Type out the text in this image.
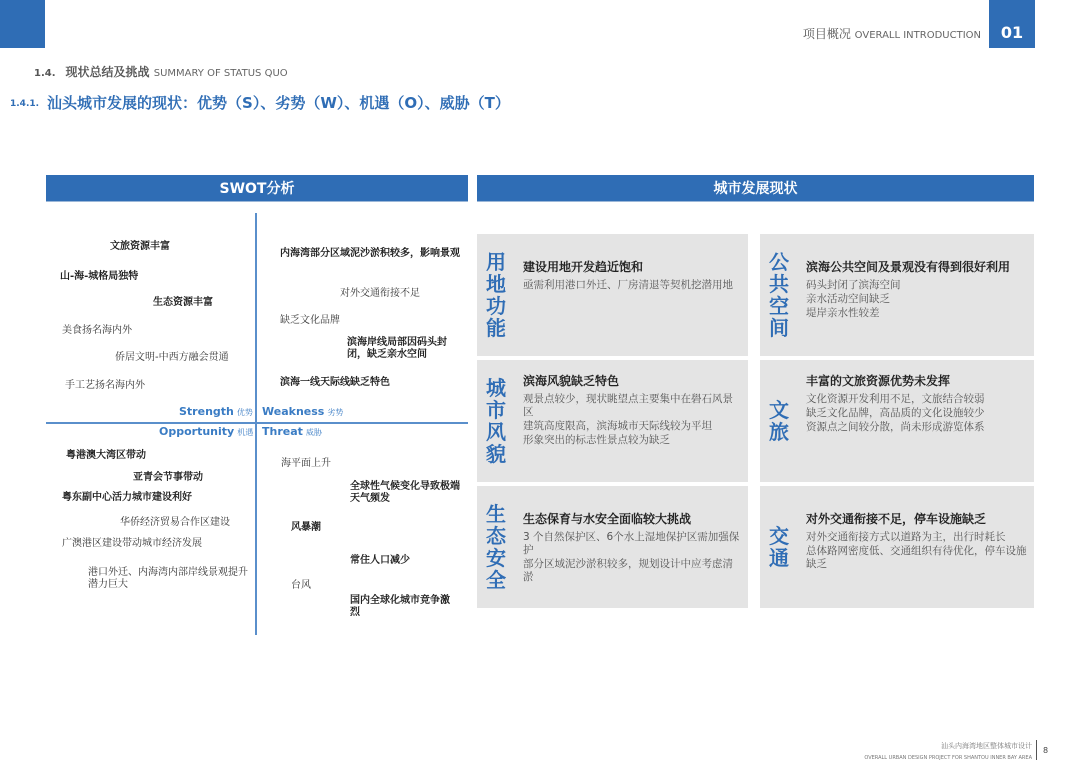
项目概况 OVERALL INTRODUCTION	01
1.4. 现状总结及挑战 SUMMARY OF STATUS QUO
1.4.1. 汕头城市发展的现状：优势（S）、劣势（W）、机遇（O）、威胁（T）
SWOT分析	城市发展现状
文旅资源丰富
山-海-城格局独特
生态资源丰富
美食扬名海内外
侨居文明-中西方融会贯通
手工艺扬名海内外
内海湾部分区域泥沙淤积较多，影响景观
对外交通衔接不足
缺乏文化品牌
滨海岸线局部因码头封闭，缺乏亲水空间
滨海一线天际线缺乏特色
Strength 优势 Weakness 劣势
Opportunity 机遇 Threat 威胁
粤港澳大湾区带动
亚青会节事带动
粤东副中心活力城市建设利好
华侨经济贸易合作区建设
广澳港区建设带动城市经济发展
港口外迁、内海湾内部岸线景观提升潜力巨大
海平面上升
全球性气候变化导致极端天气频发
风暴潮
常住人口减少
台风
国内全球化城市竞争激烈
用
地
功
能
建设用地开发趋近饱和
亟需利用港口外迁、厂房清退等契机挖潜用地
公
共
空
间
滨海公共空间及景观没有得到很好利用
码头封闭了滨海空间
亲水活动空间缺乏
堤岸亲水性较差
城
市
风
貌
滨海风貌缺乏特色
观景点较少，现状眺望点主要集中在礐石风景区
建筑高度限高，滨海城市天际线较为平坦
形象突出的标志性景点较为缺乏
文
旅
丰富的文旅资源优势未发挥
文化资源开发利用不足，文旅结合较弱
缺乏文化品牌，高品质的文化设施较少
资源点之间较分散，尚未形成游览体系
生
态
安
全
生态保育与水安全面临较大挑战
3 个自然保护区、6个水上湿地保护区需加强保护
部分区域泥沙淤积较多，规划设计中应考虑清淤
交
通
对外交通衔接不足，停车设施缺乏
对外交通衔接方式以道路为主，出行时耗长
总体路网密度低、交通组织有待优化，停车设施缺乏
汕头内海湾地区整体城市设计
OVERALL URBAN DESIGN PROJECT FOR SHANTOU INNER BAY AREA
8
